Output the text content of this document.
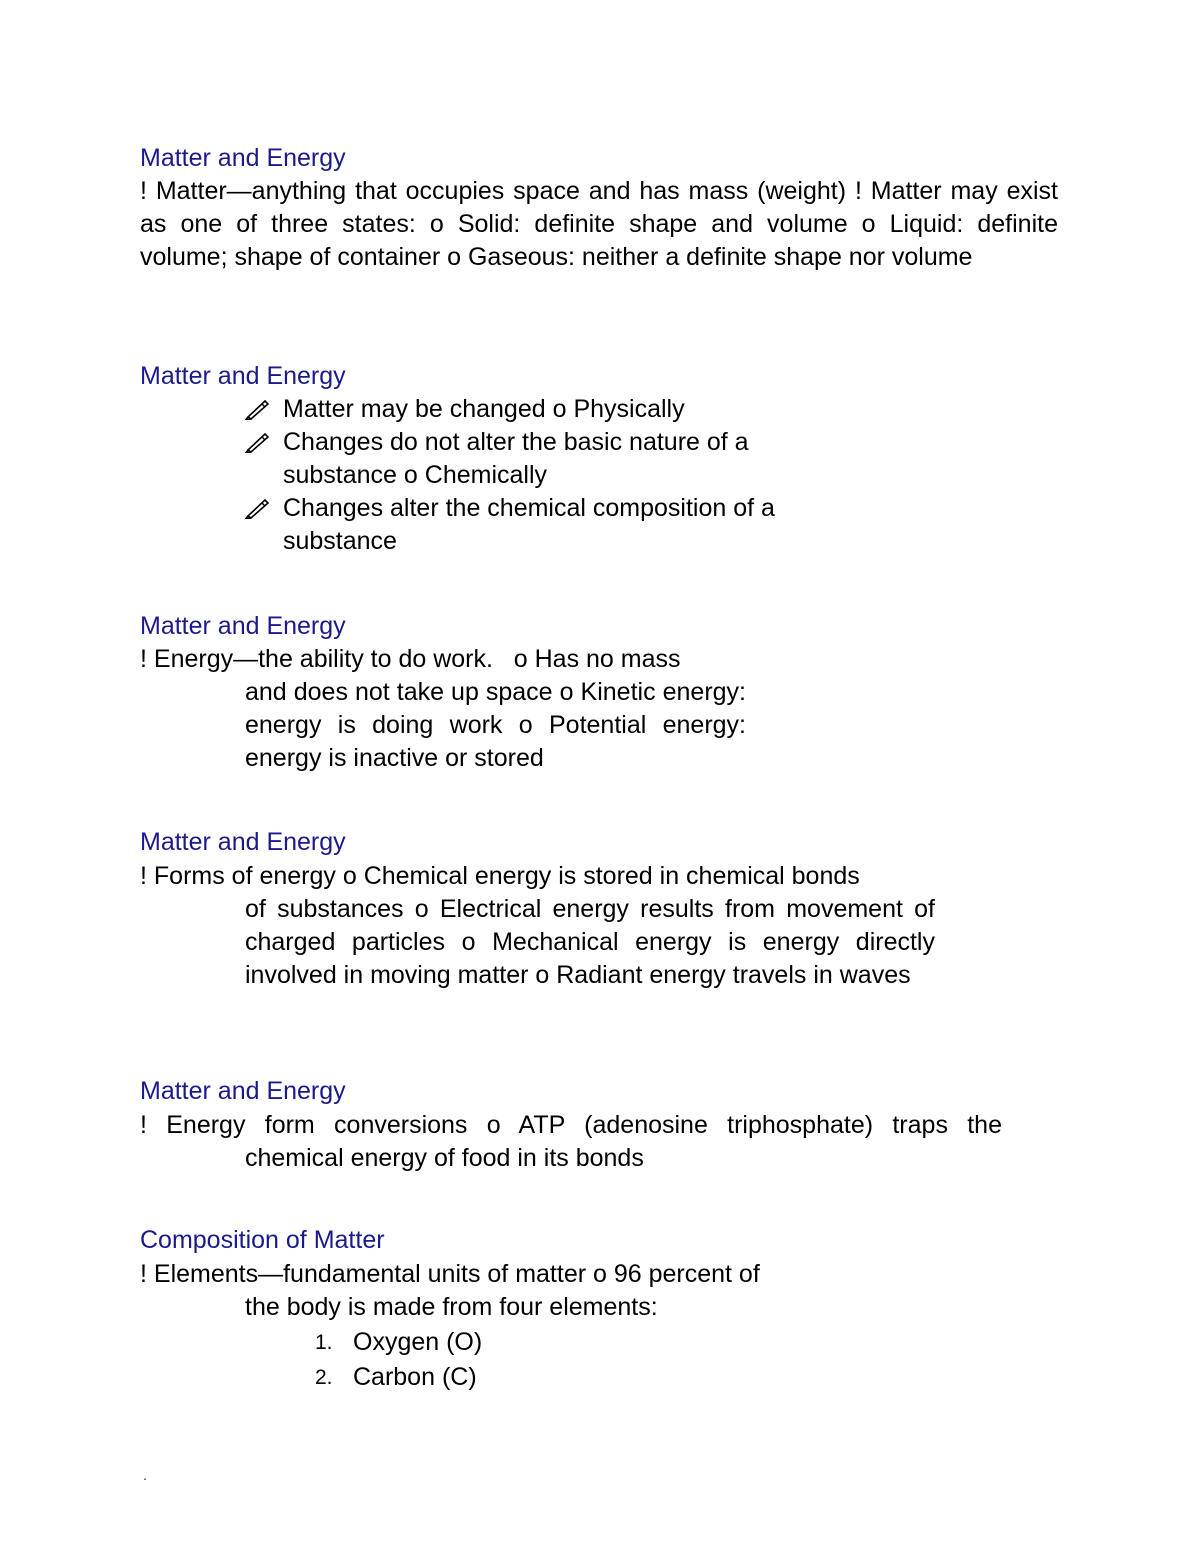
Matter and Energy

! Matter—anything that occupies space and has mass (weight) ! Matter may exist as one of three states: o Solid: definite shape and volume o Liquid: definite volume; shape of container o Gaseous: neither a definite shape nor volume

Matter and Energy
Matter may be changed o Physically
Changes do not alter the basic nature of a substance o Chemically
Changes alter the chemical composition of a substance
Matter and Energy

! Energy—the ability to do work.   o Has no mass

and does not take up space o Kinetic energy: energy is doing work o Potential energy: energy is inactive or stored

Matter and Energy

! Forms of energy o Chemical energy is stored in chemical bonds

of substances o Electrical energy results from movement of charged particles o Mechanical energy is energy directly involved in moving matter o Radiant energy travels in waves

Matter and Energy

! Energy form conversions o ATP (adenosine triphosphate) traps the

chemical energy of food in its bonds

Composition of Matter

! Elements—fundamental units of matter o 96 percent of

the body is made from four elements:

1. Oxygen (O)
2. Carbon (C)
.
